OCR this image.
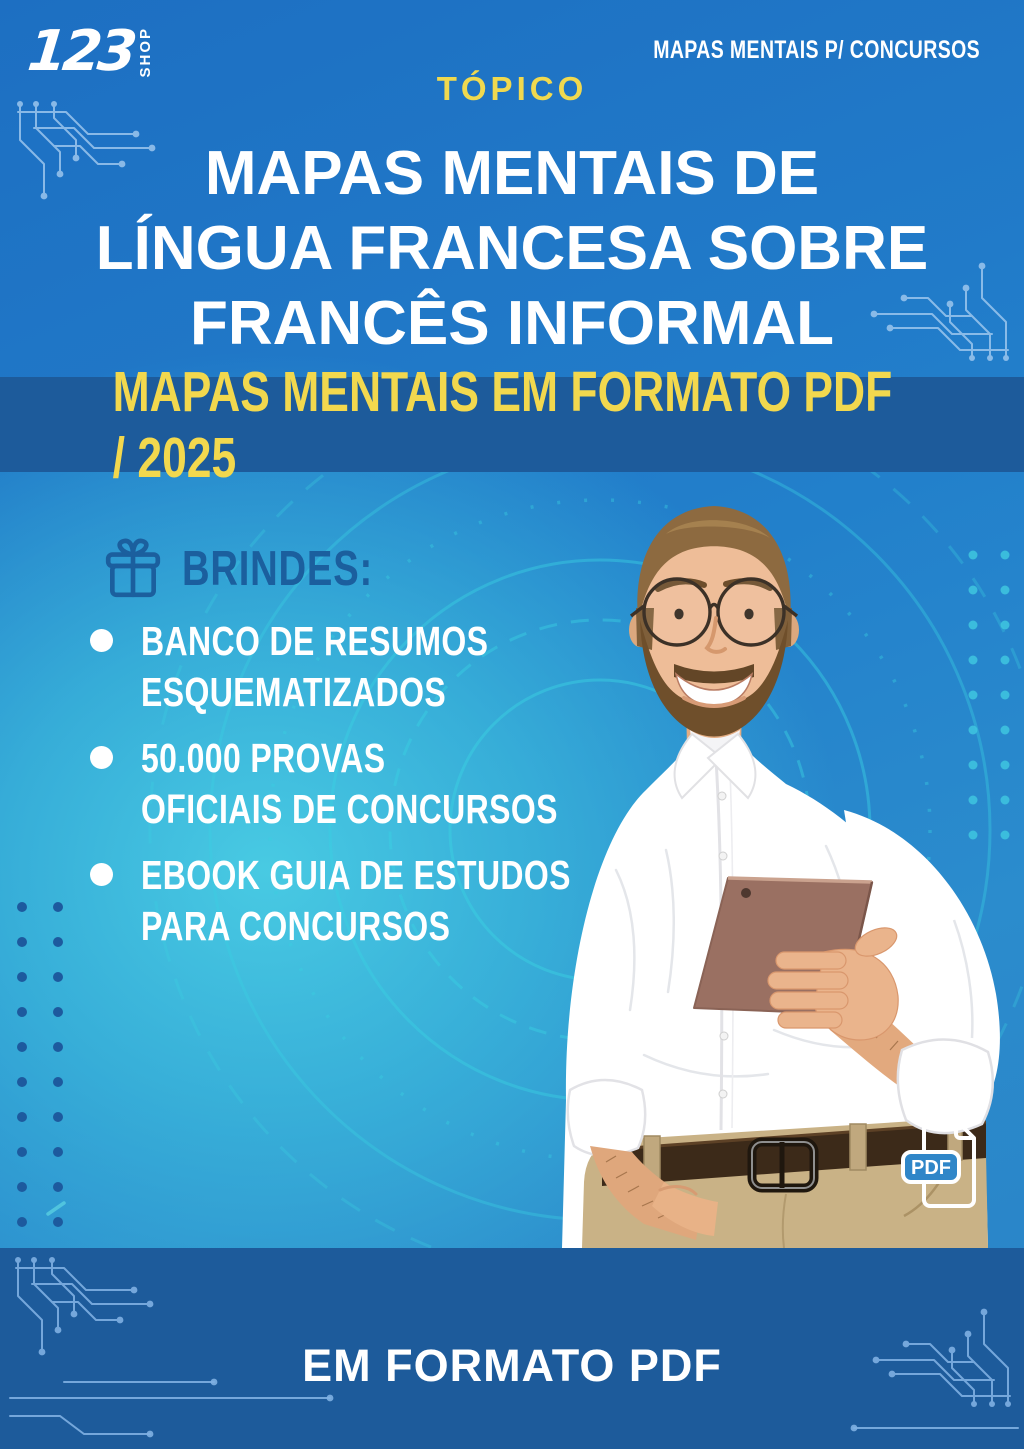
123 SHOP	MAPAS MENTAIS P/ CONCURSOS
TÓPICO
MAPAS MENTAIS DE
LÍNGUA FRANCESA SOBRE
FRANCÊS INFORMAL
MAPAS MENTAIS EM FORMATO PDF / 2025
BRINDES:
BANCO DE RESUMOS
ESQUEMATIZADOS
50.000 PROVAS
OFICIAIS DE CONCURSOS
EBOOK GUIA DE ESTUDOS
PARA CONCURSOS
PDF
EM FORMATO PDF
